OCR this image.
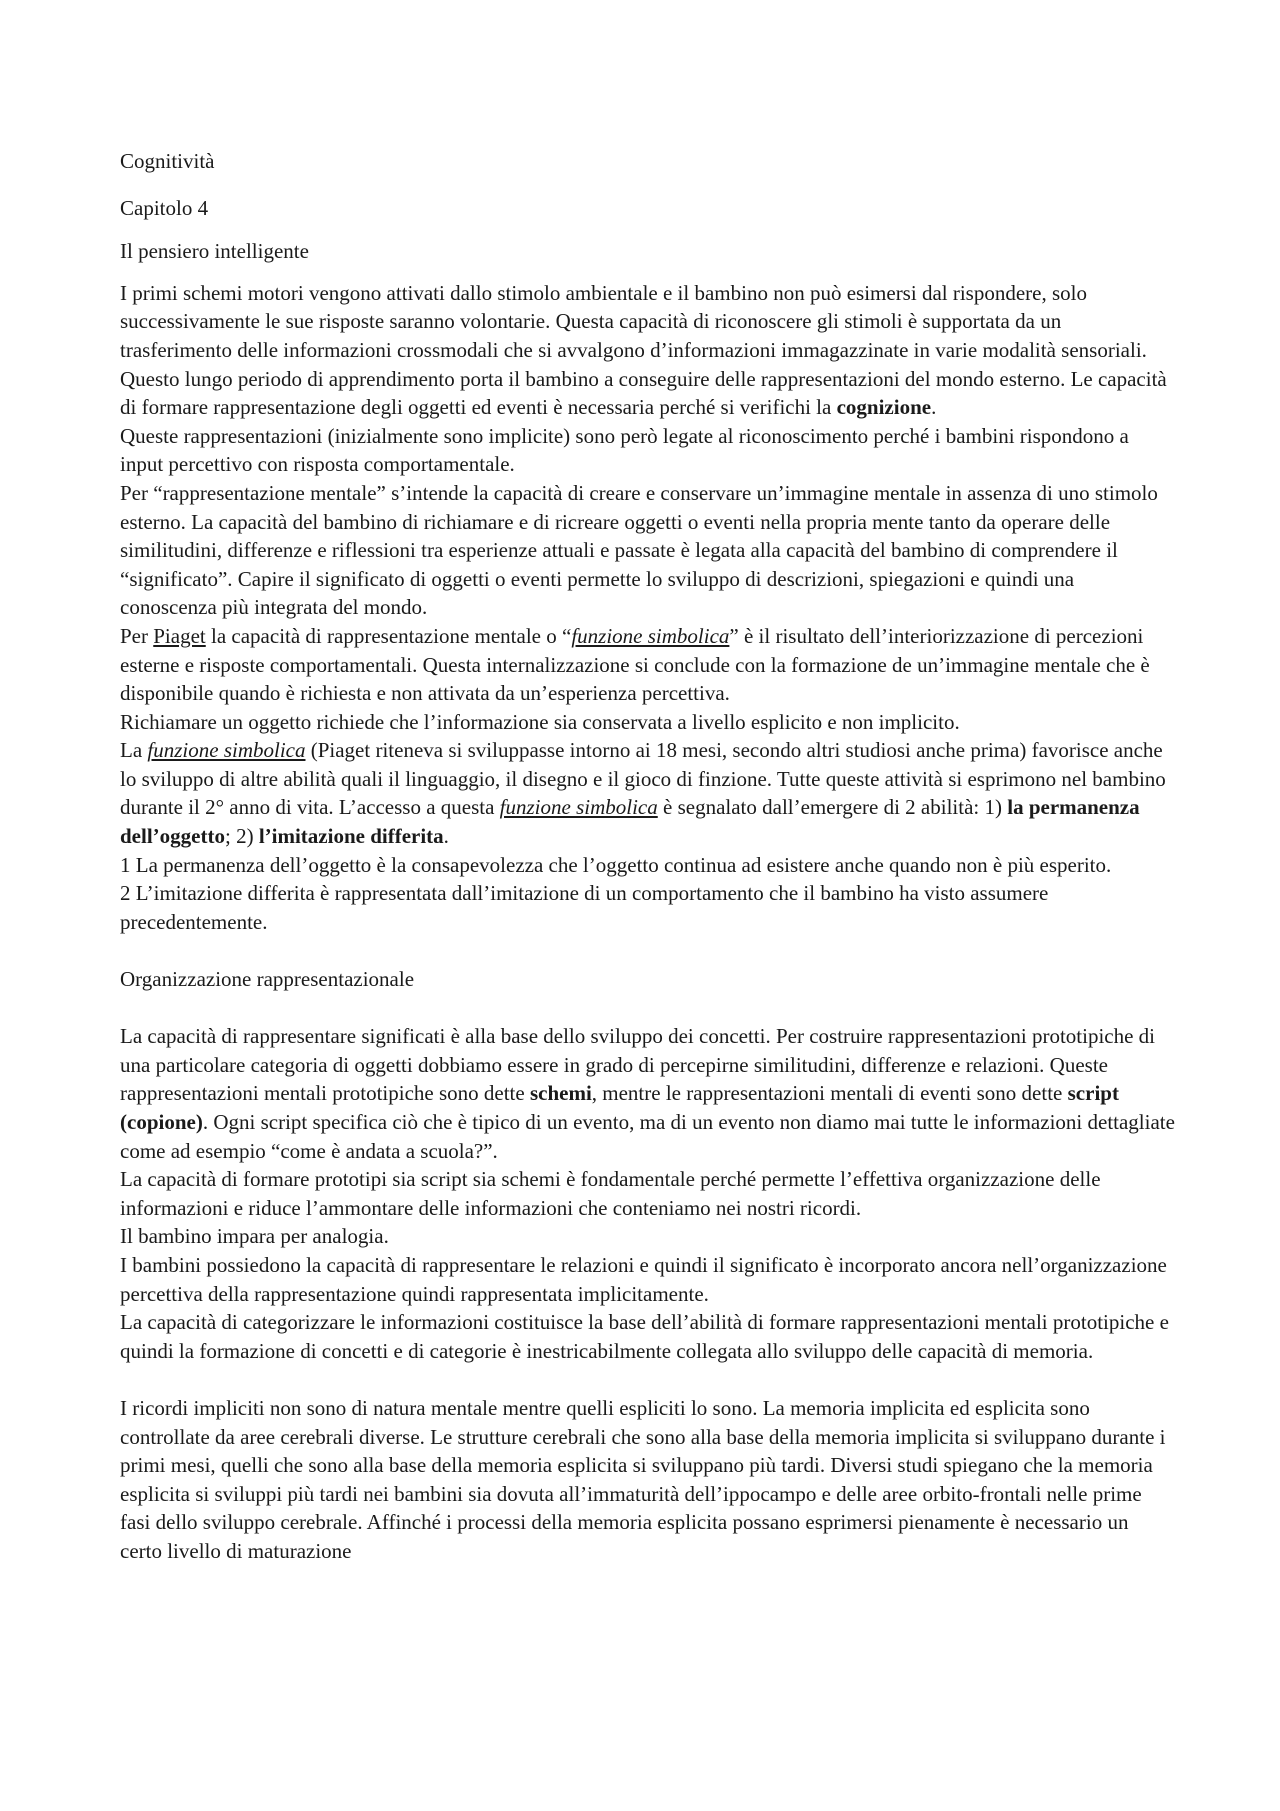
Cognitività
Capitolo 4
Il pensiero intelligente

I primi schemi motori vengono attivati dallo stimolo ambientale e il bambino non può esimersi dal rispondere, solo successivamente le sue risposte saranno volontarie. Questa capacità di riconoscere gli stimoli è supportata da un trasferimento delle informazioni crossmodali che si avvalgono d’informazioni immagazzinate in varie modalità sensoriali. Questo lungo periodo di apprendimento porta il bambino a conseguire delle rappresentazioni del mondo esterno. Le capacità di formare rappresentazione degli oggetti ed eventi è necessaria perché si verifichi la cognizione.

Queste rappresentazioni (inizialmente sono implicite) sono però legate al riconoscimento perché i bambini rispondono a input percettivo con risposta comportamentale.

Per “rappresentazione mentale” s’intende la capacità di creare e conservare un’immagine mentale in assenza di uno stimolo esterno. La capacità del bambino di richiamare e di ricreare oggetti o eventi nella propria mente tanto da operare delle similitudini, differenze e riflessioni tra esperienze attuali e passate è legata alla capacità del bambino di comprendere il “significato”. Capire il significato di oggetti o eventi permette lo sviluppo di descrizioni, spiegazioni e quindi una conoscenza più integrata del mondo.

Per Piaget la capacità di rappresentazione mentale o “funzione simbolica” è il risultato dell’interiorizzazione di percezioni esterne e risposte comportamentali. Questa internalizzazione si conclude con la formazione de un’immagine mentale che è disponibile quando è richiesta e non attivata da un’esperienza percettiva.

Richiamare un oggetto richiede che l’informazione sia conservata a livello esplicito e non implicito.

La funzione simbolica (Piaget riteneva si sviluppasse intorno ai 18 mesi, secondo altri studiosi anche prima) favorisce anche lo sviluppo di altre abilità quali il linguaggio, il disegno e il gioco di finzione. Tutte queste attività si esprimono nel bambino durante il 2° anno di vita. L’accesso a questa funzione simbolica è segnalato dall’emergere di 2 abilità: 1) la permanenza dell’oggetto; 2) l’imitazione differita.

1 La permanenza dell’oggetto è la consapevolezza che l’oggetto continua ad esistere anche quando non è più esperito.

2 L’imitazione differita è rappresentata dall’imitazione di un comportamento che il bambino ha visto assumere precedentemente.

Organizzazione rappresentazionale

La capacità di rappresentare significati è alla base dello sviluppo dei concetti. Per costruire rappresentazioni prototipiche di una particolare categoria di oggetti dobbiamo essere in grado di percepirne similitudini, differenze e relazioni. Queste rappresentazioni mentali prototipiche sono dette schemi, mentre le rappresentazioni mentali di eventi sono dette script (copione). Ogni script specifica ciò che è tipico di un evento, ma di un evento non diamo mai tutte le informazioni dettagliate come ad esempio “come è andata a scuola?”.

La capacità di formare prototipi sia script sia schemi è fondamentale perché permette l’effettiva organizzazione delle informazioni e riduce l’ammontare delle informazioni che conteniamo nei nostri ricordi.

Il bambino impara per analogia.

I bambini possiedono la capacità di rappresentare le relazioni e quindi il significato è incorporato ancora nell’organizzazione percettiva della rappresentazione quindi rappresentata implicitamente.

La capacità di categorizzare le informazioni costituisce la base dell’abilità di formare rappresentazioni mentali prototipiche e quindi la formazione di concetti e di categorie è inestricabilmente collegata allo sviluppo delle capacità di memoria.

I ricordi impliciti non sono di natura mentale mentre quelli espliciti lo sono. La memoria implicita ed esplicita sono controllate da aree cerebrali diverse. Le strutture cerebrali che sono alla base della memoria implicita si sviluppano durante i primi mesi, quelli che sono alla base della memoria esplicita si sviluppano più tardi. Diversi studi spiegano che la memoria esplicita si sviluppi più tardi nei bambini sia dovuta all’immaturità dell’ippocampo e delle aree orbito-frontali nelle prime fasi dello sviluppo cerebrale. Affinché i processi della memoria esplicita possano esprimersi pienamente è necessario un certo livello di maturazione
